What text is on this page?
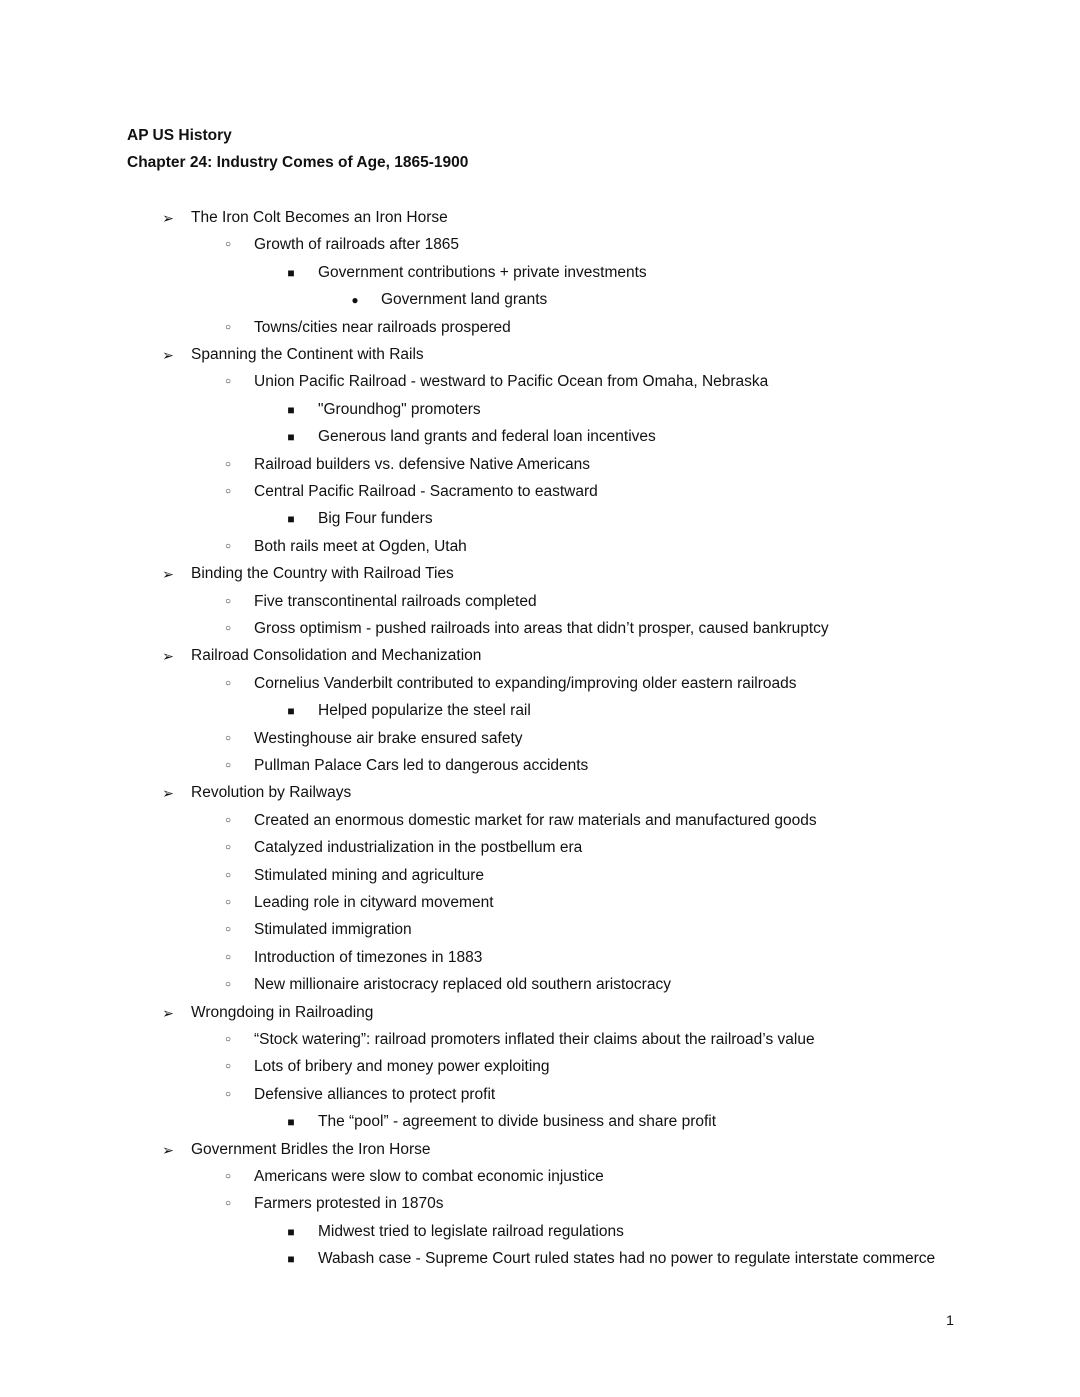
AP US History
Chapter 24: Industry Comes of Age, 1865-1900
➢ The Iron Colt Becomes an Iron Horse
○	Growth of railroads after 1865
■	Government contributions + private investments
●	Government land grants
○	Towns/cities near railroads prospered
➢ Spanning the Continent with Rails
○	Union Pacific Railroad - westward to Pacific Ocean from Omaha, Nebraska
■	"Groundhog" promoters
■	Generous land grants and federal loan incentives
○	Railroad builders vs. defensive Native Americans
○	Central Pacific Railroad - Sacramento to eastward
■	Big Four funders
○	Both rails meet at Ogden, Utah
➢ Binding the Country with Railroad Ties
○	Five transcontinental railroads completed
○	Gross optimism - pushed railroads into areas that didn’t prosper, caused bankruptcy
➢ Railroad Consolidation and Mechanization
○	Cornelius Vanderbilt contributed to expanding/improving older eastern railroads
■	Helped popularize the steel rail
○	Westinghouse air brake ensured safety
○	Pullman Palace Cars led to dangerous accidents
➢ Revolution by Railways
○	Created an enormous domestic market for raw materials and manufactured goods
○	Catalyzed industrialization in the postbellum era
○	Stimulated mining and agriculture
○	Leading role in cityward movement
○	Stimulated immigration
○	Introduction of timezones in 1883
○	New millionaire aristocracy replaced old southern aristocracy
➢ Wrongdoing in Railroading
○	“Stock watering”: railroad promoters inflated their claims about the railroad’s value
○	Lots of bribery and money power exploiting
○	Defensive alliances to protect profit
■	The “pool” - agreement to divide business and share profit
➢ Government Bridles the Iron Horse
○	Americans were slow to combat economic injustice
○	Farmers protested in 1870s
■	Midwest tried to legislate railroad regulations
■	Wabash case - Supreme Court ruled states had no power to regulate interstate commerce
1
